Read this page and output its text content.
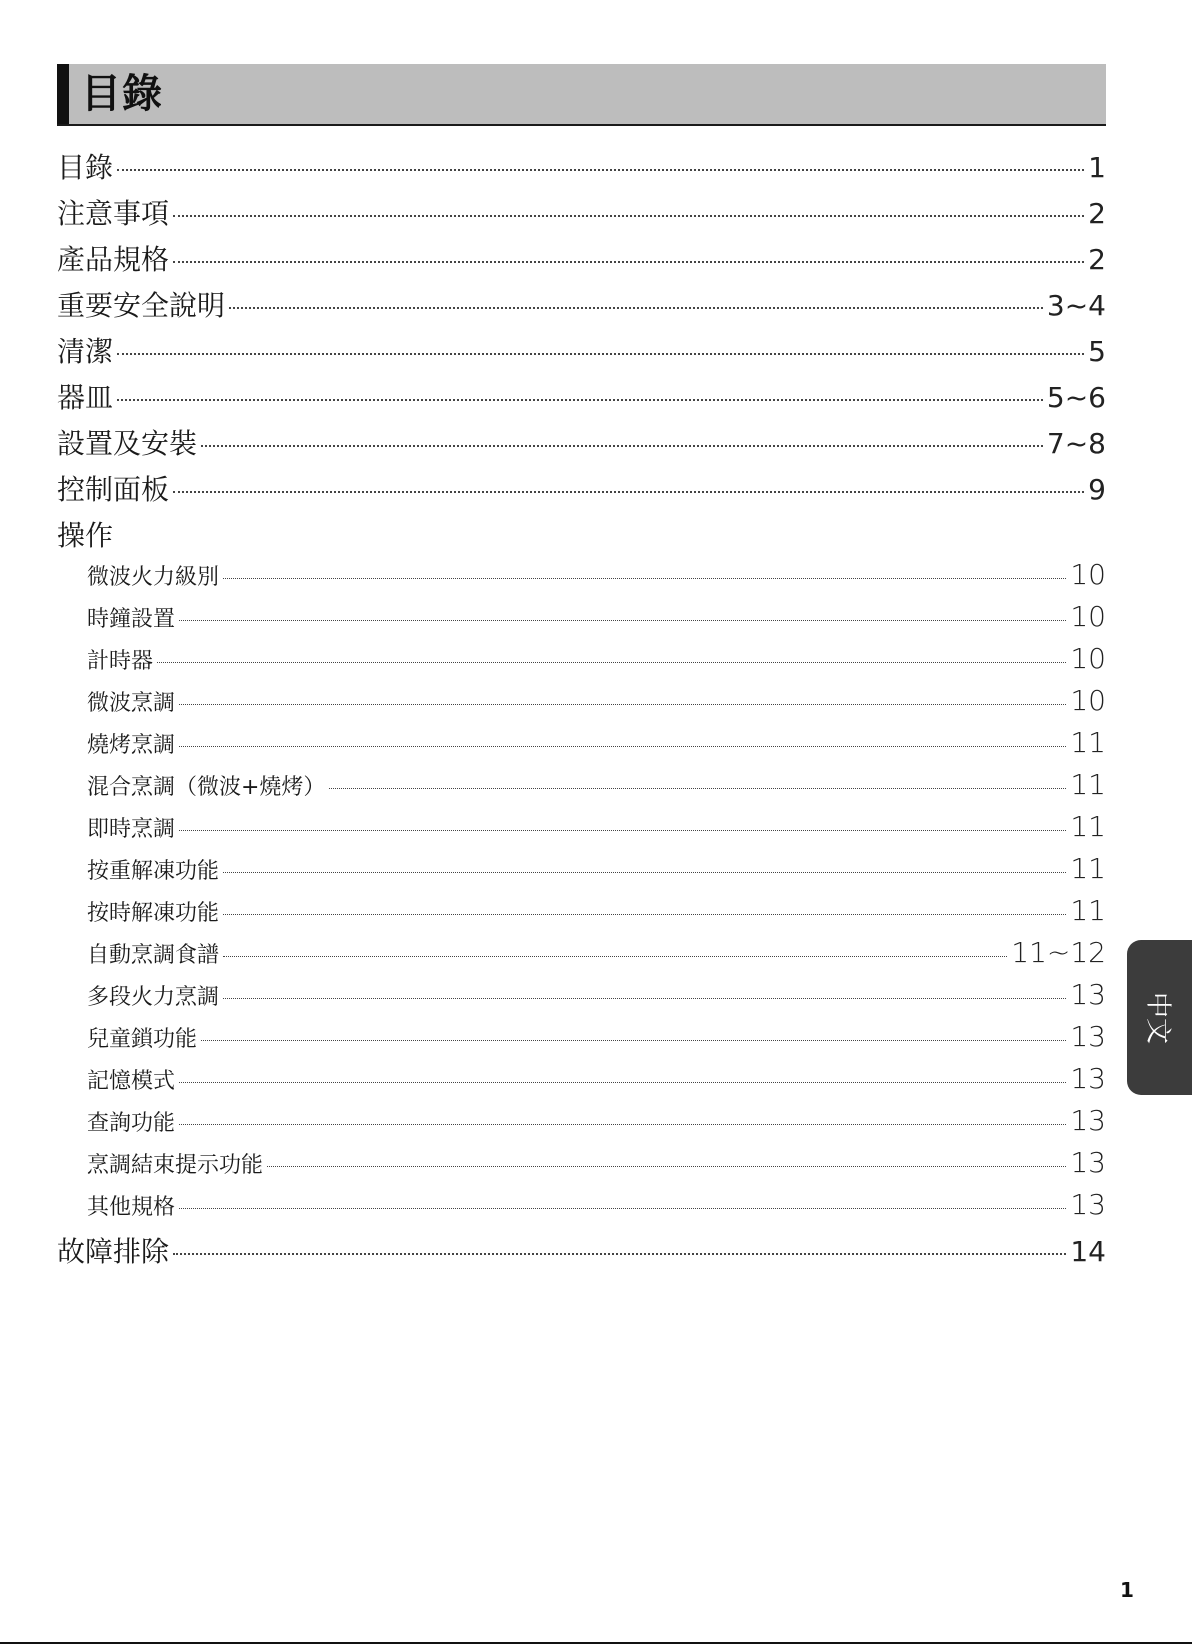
目錄
目錄	1
注意事項	2
產品規格	2
重要安全說明	3~4
清潔	5
器皿	5~6
設置及安裝	7~8
控制面板	9
操作
微波火力級別	10
時鐘設置	10
計時器	10
微波烹調	10
燒烤烹調	11
混合烹調（微波+燒烤）	11
即時烹調	11
按重解凍功能	11
按時解凍功能	11
自動烹調食譜	11~12
多段火力烹調	13
兒童鎖功能	13
記憶模式	13
查詢功能	13
烹調結束提示功能	13
其他規格	13
故障排除	14
中文
1
